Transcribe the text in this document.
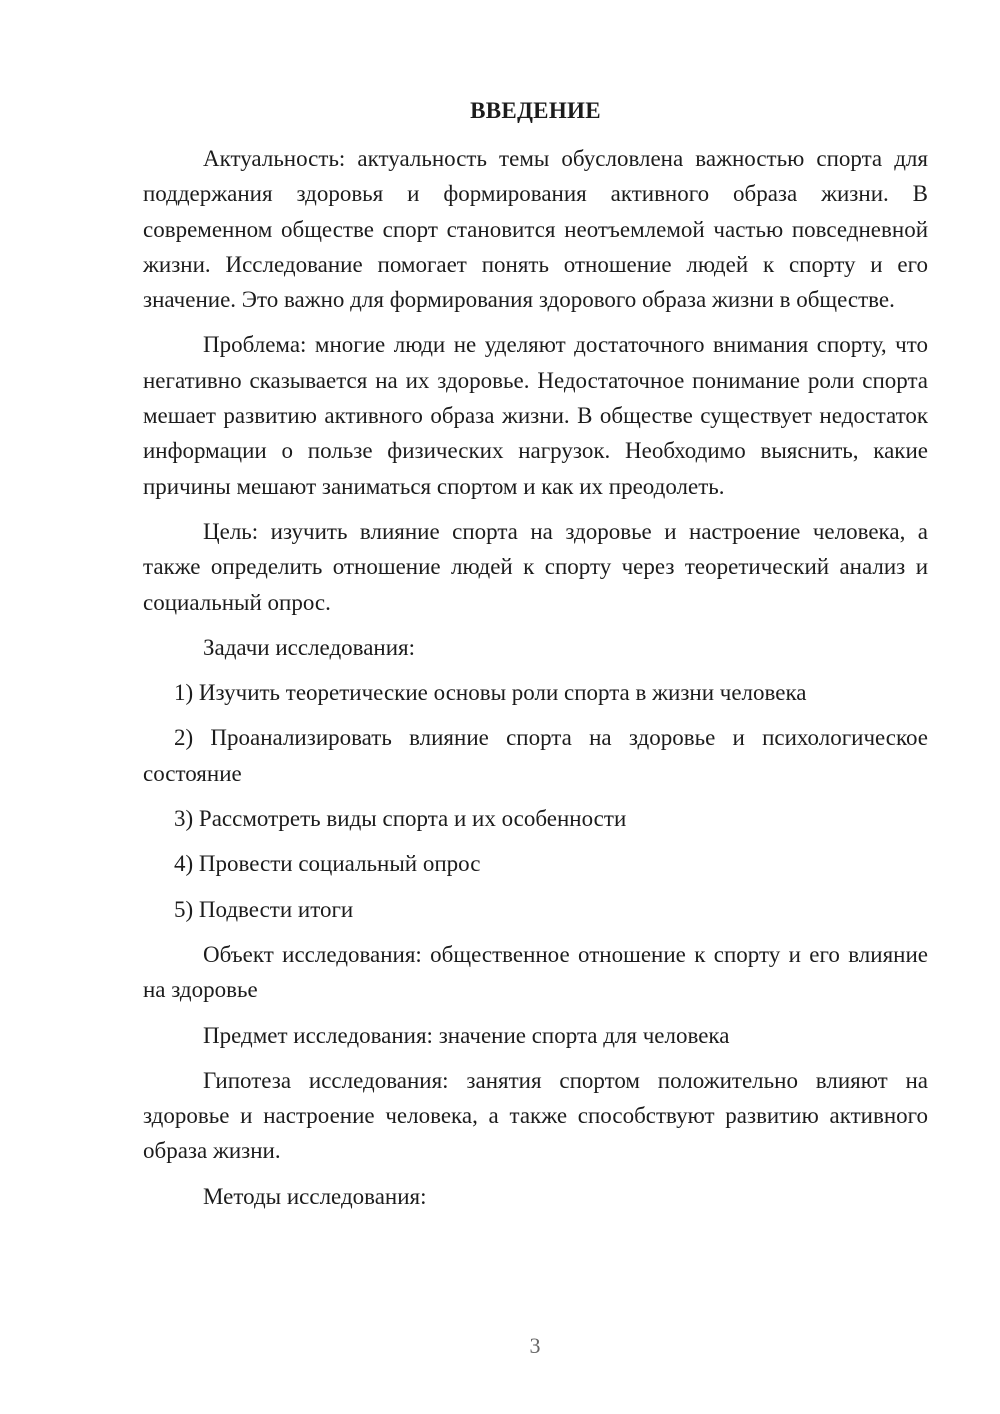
ВВЕДЕНИЕ

Актуальность: актуальность темы обусловлена важностью спорта для поддержания здоровья и формирования активного образа жизни. В современном обществе спорт становится неотъемлемой частью повседневной жизни. Исследование помогает понять отношение людей к спорту и его значение. Это важно для формирования здорового образа жизни в обществе.

Проблема: многие люди не уделяют достаточного внимания спорту, что негативно сказывается на их здоровье. Недостаточное понимание роли спорта мешает развитию активного образа жизни. В обществе существует недостаток информации о пользе физических нагрузок. Необходимо выяснить, какие причины мешают заниматься спортом и как их преодолеть.

Цель: изучить влияние спорта на здоровье и настроение человека, а также определить отношение людей к спорту через теоретический анализ и социальный опрос.

Задачи исследования:

1) Изучить теоретические основы роли спорта в жизни человека

2) Проанализировать влияние спорта на здоровье и психологическое состояние

3) Рассмотреть виды спорта и их особенности

4) Провести социальный опрос

5) Подвести итоги

Объект исследования: общественное отношение к спорту и его влияние на здоровье

Предмет исследования: значение спорта для человека

Гипотеза исследования: занятия спортом положительно влияют на здоровье и настроение человека, а также способствуют развитию активного образа жизни.

Методы исследования:

3
